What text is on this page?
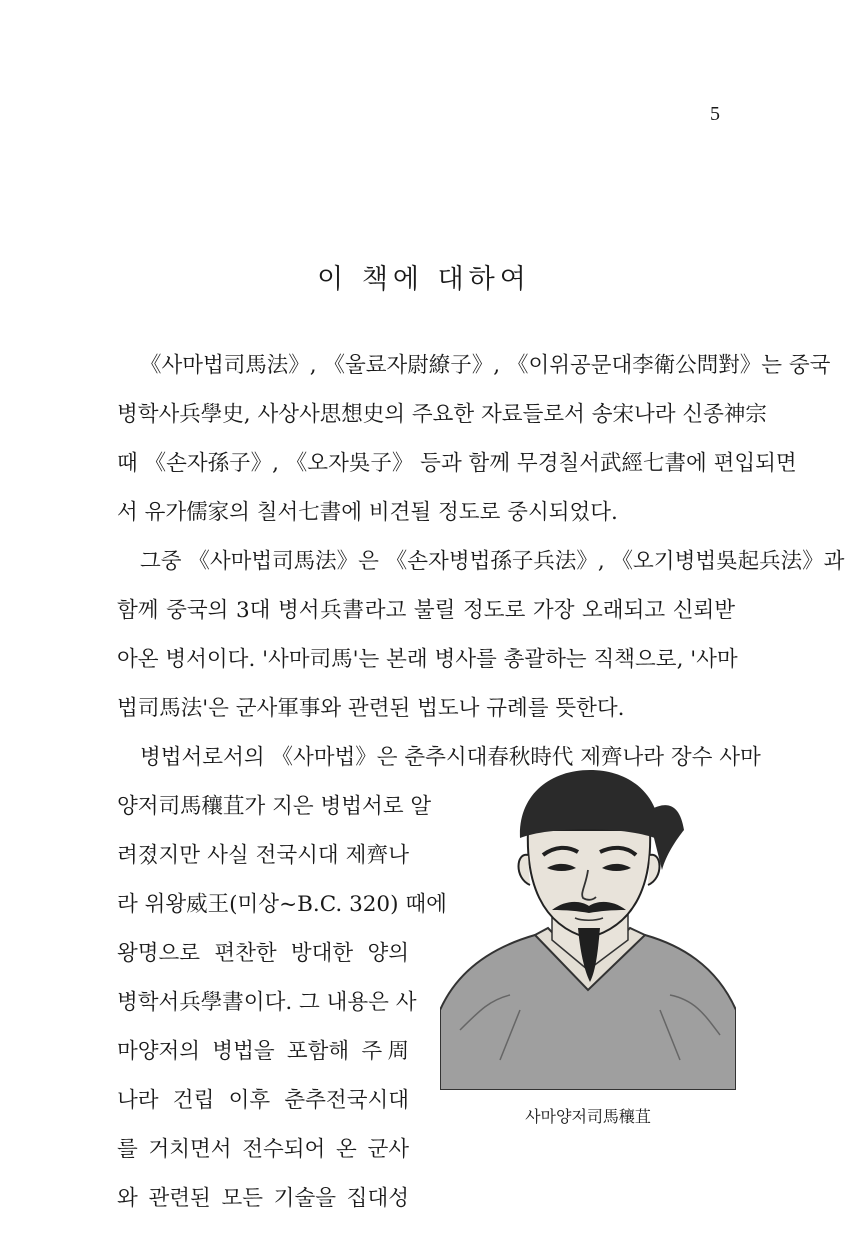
5
이 책에 대하여
《사마법司馬法》, 《울료자尉繚子》, 《이위공문대李衛公問對》는 중국
병학사兵學史, 사상사思想史의 주요한 자료들로서 송宋나라 신종神宗
때 《손자孫子》, 《오자吳子》 등과 함께 무경칠서武經七書에 편입되면
서 유가儒家의 칠서七書에 비견될 정도로 중시되었다.
그중 《사마법司馬法》은 《손자병법孫子兵法》, 《오기병법吳起兵法》과
함께 중국의 3대 병서兵書라고 불릴 정도로 가장 오래되고 신뢰받
아온 병서이다. '사마司馬'는 본래 병사를 총괄하는 직책으로, '사마
법司馬法'은 군사軍事와 관련된 법도나 규례를 뜻한다.
병법서로서의 《사마법》은 춘추시대春秋時代 제齊나라 장수 사마
양저司馬穰苴가 지은 병법서로 알
려졌지만 사실 전국시대 제齊나
라 위왕威王(미상~B.C. 320) 때에
왕명으로 편찬한 방대한 양의
병학서兵學書이다. 그 내용은 사
마양저의 병법을 포함해 주周
나라 건립 이후 춘추전국시대
를 거치면서 전수되어 온 군사
와 관련된 모든 기술을 집대성
사마양저司馬穰苴
